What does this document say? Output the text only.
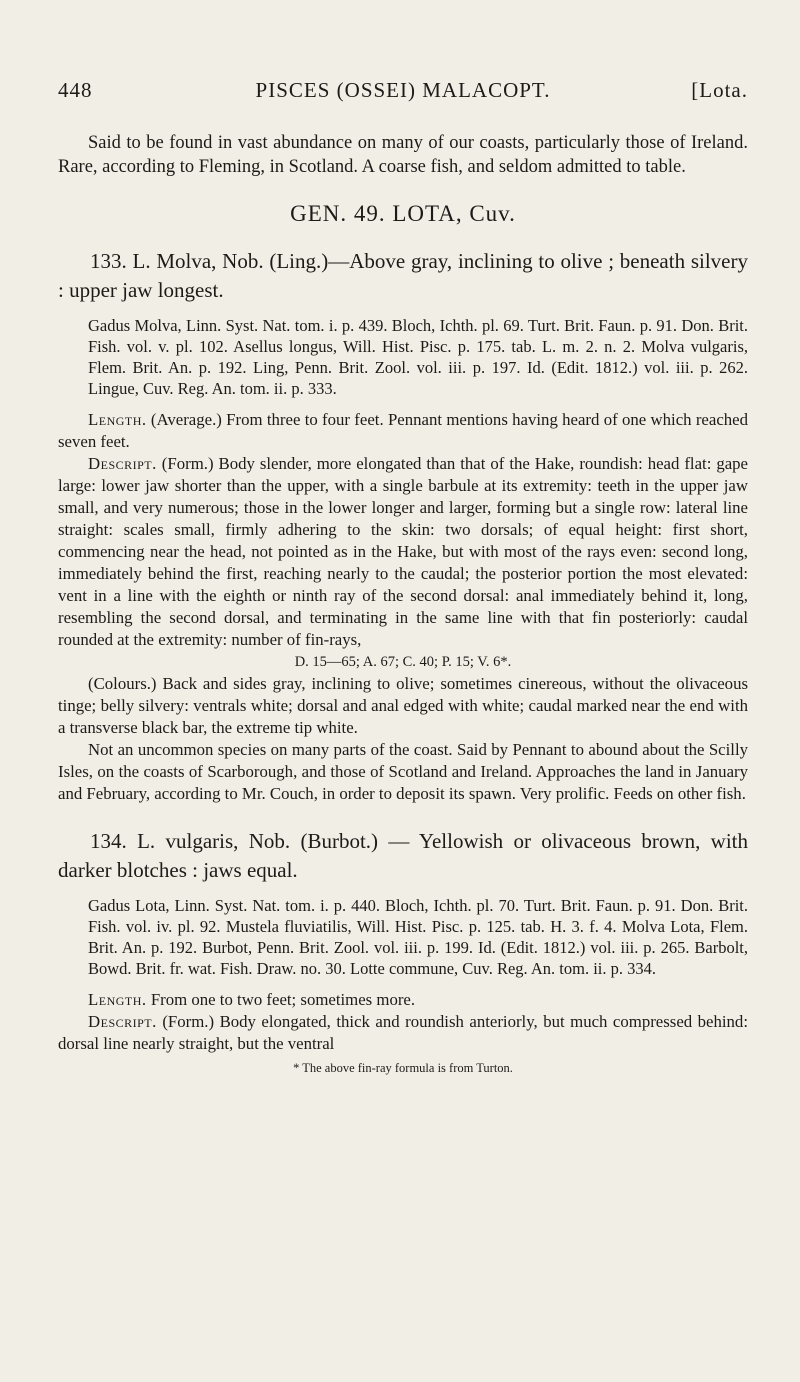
448	PISCES (OSSEI) MALACOPT.	[Lota.

Said to be found in vast abundance on many of our coasts, particularly those of Ireland. Rare, according to Fleming, in Scotland. A coarse fish, and seldom admitted to table.

GEN. 49. LOTA, Cuv.

133. L. Molva, Nob. (Ling.)—Above gray, inclining to olive ; beneath silvery : upper jaw longest.

Gadus Molva, Linn. Syst. Nat. tom. i. p. 439. Bloch, Ichth. pl. 69. Turt. Brit. Faun. p. 91. Don. Brit. Fish. vol. v. pl. 102. Asellus longus, Will. Hist. Pisc. p. 175. tab. L. m. 2. n. 2. Molva vulgaris, Flem. Brit. An. p. 192. Ling, Penn. Brit. Zool. vol. iii. p. 197. Id. (Edit. 1812.) vol. iii. p. 262. Lingue, Cuv. Reg. An. tom. ii. p. 333.

Length. (Average.) From three to four feet. Pennant mentions having heard of one which reached seven feet.

Descript. (Form.) Body slender, more elongated than that of the Hake, roundish: head flat: gape large: lower jaw shorter than the upper, with a single barbule at its extremity: teeth in the upper jaw small, and very numerous; those in the lower longer and larger, forming but a single row: lateral line straight: scales small, firmly adhering to the skin: two dorsals; of equal height: first short, commencing near the head, not pointed as in the Hake, but with most of the rays even: second long, immediately behind the first, reaching nearly to the caudal; the posterior portion the most elevated: vent in a line with the eighth or ninth ray of the second dorsal: anal immediately behind it, long, resembling the second dorsal, and terminating in the same line with that fin posteriorly: caudal rounded at the extremity: number of fin-rays,

D. 15—65; A. 67; C. 40; P. 15; V. 6*.

(Colours.) Back and sides gray, inclining to olive; sometimes cinereous, without the olivaceous tinge; belly silvery: ventrals white; dorsal and anal edged with white; caudal marked near the end with a transverse black bar, the extreme tip white.

Not an uncommon species on many parts of the coast. Said by Pennant to abound about the Scilly Isles, on the coasts of Scarborough, and those of Scotland and Ireland. Approaches the land in January and February, according to Mr. Couch, in order to deposit its spawn. Very prolific. Feeds on other fish.

134. L. vulgaris, Nob. (Burbot.) — Yellowish or olivaceous brown, with darker blotches : jaws equal.

Gadus Lota, Linn. Syst. Nat. tom. i. p. 440. Bloch, Ichth. pl. 70. Turt. Brit. Faun. p. 91. Don. Brit. Fish. vol. iv. pl. 92. Mustela fluviatilis, Will. Hist. Pisc. p. 125. tab. H. 3. f. 4. Molva Lota, Flem. Brit. An. p. 192. Burbot, Penn. Brit. Zool. vol. iii. p. 199. Id. (Edit. 1812.) vol. iii. p. 265. Barbolt, Bowd. Brit. fr. wat. Fish. Draw. no. 30. Lotte commune, Cuv. Reg. An. tom. ii. p. 334.

Length. From one to two feet; sometimes more.

Descript. (Form.) Body elongated, thick and roundish anteriorly, but much compressed behind: dorsal line nearly straight, but the ventral

* The above fin-ray formula is from Turton.
